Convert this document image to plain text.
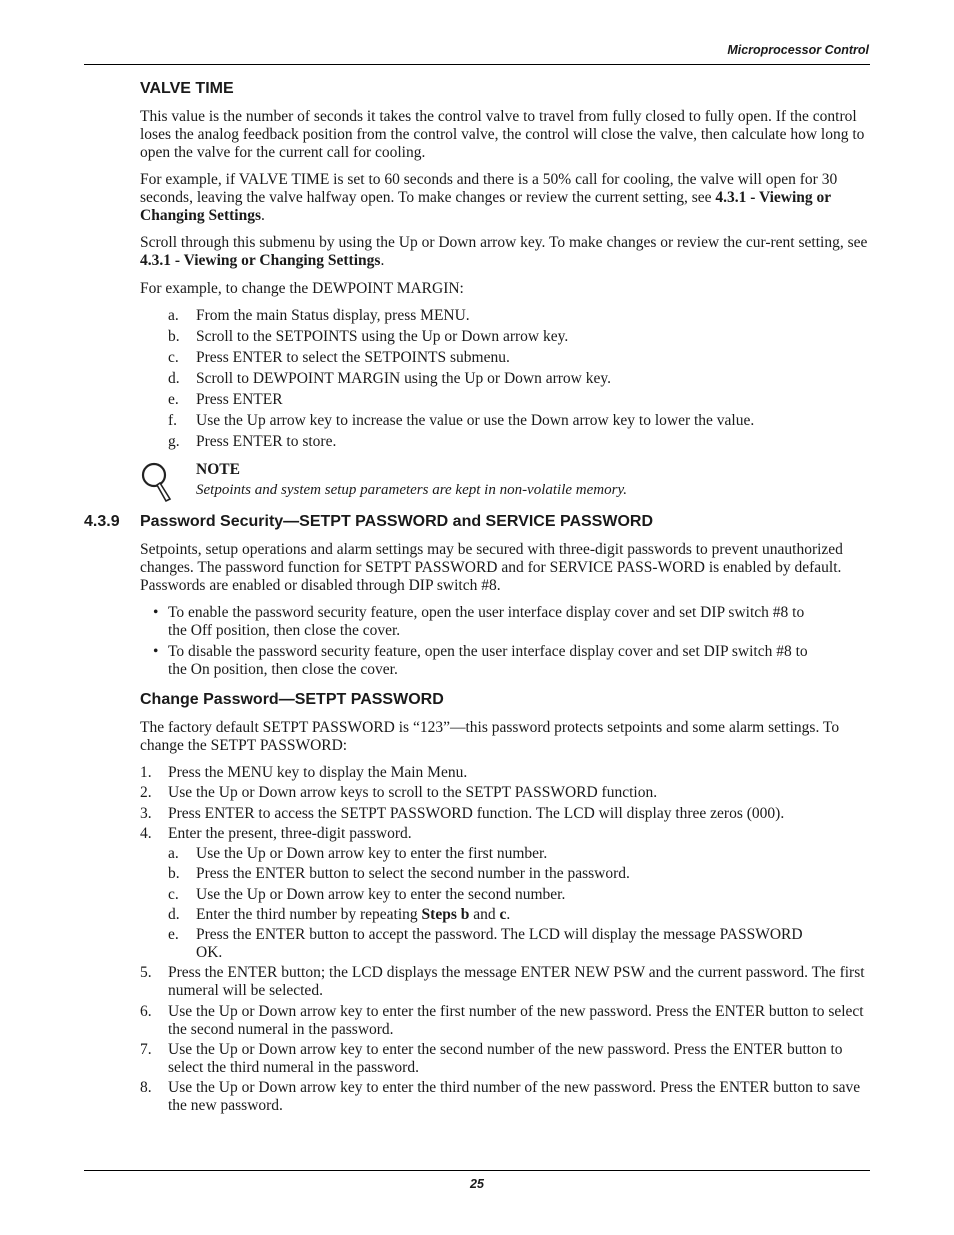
Microprocessor Control
VALVE TIME

This value is the number of seconds it takes the control valve to travel from fully closed to fully open. If the control loses the analog feedback position from the control valve, the control will close the valve, then calculate how long to open the valve for the current call for cooling.

For example, if VALVE TIME is set to 60 seconds and there is a 50% call for cooling, the valve will open for 30 seconds, leaving the valve halfway open. To make changes or review the current setting, see 4.3.1 - Viewing or Changing Settings.

Scroll through this submenu by using the Up or Down arrow key. To make changes or review the cur-rent setting, see 4.3.1 - Viewing or Changing Settings.

For example, to change the DEWPOINT MARGIN:

a. From the main Status display, press MENU.
b. Scroll to the SETPOINTS using the Up or Down arrow key.
c. Press ENTER to select the SETPOINTS submenu.
d. Scroll to DEWPOINT MARGIN using the Up or Down arrow key.
e. Press ENTER
f. Use the Up arrow key to increase the value or use the Down arrow key to lower the value.
g. Press ENTER to store.
NOTE
Setpoints and system setup parameters are kept in non-volatile memory.
4.3.9 Password Security—SETPT PASSWORD and SERVICE PASSWORD

Setpoints, setup operations and alarm settings may be secured with three-digit passwords to prevent unauthorized changes. The password function for SETPT PASSWORD and for SERVICE PASS-WORD is enabled by default. Passwords are enabled or disabled through DIP switch #8.

• To enable the password security feature, open the user interface display cover and set DIP switch #8 to the Off position, then close the cover.
• To disable the password security feature, open the user interface display cover and set DIP switch #8 to the On position, then close the cover.
Change Password—SETPT PASSWORD

The factory default SETPT PASSWORD is “123”—this password protects setpoints and some alarm settings. To change the SETPT PASSWORD:

1. Press the MENU key to display the Main Menu.
2. Use the Up or Down arrow keys to scroll to the SETPT PASSWORD function.
3. Press ENTER to access the SETPT PASSWORD function. The LCD will display three zeros (000).
4. Enter the present, three-digit password.
a. Use the Up or Down arrow key to enter the first number.
b. Press the ENTER button to select the second number in the password.
c. Use the Up or Down arrow key to enter the second number.
d. Enter the third number by repeating Steps b and c.
e. Press the ENTER button to accept the password. The LCD will display the message PASSWORD OK.
5. Press the ENTER button; the LCD displays the message ENTER NEW PSW and the current password. The first numeral will be selected.
6. Use the Up or Down arrow key to enter the first number of the new password. Press the ENTER button to select the second numeral in the password.
7. Use the Up or Down arrow key to enter the second number of the new password. Press the ENTER button to select the third numeral in the password.
8. Use the Up or Down arrow key to enter the third number of the new password. Press the ENTER button to save the new password.
25
